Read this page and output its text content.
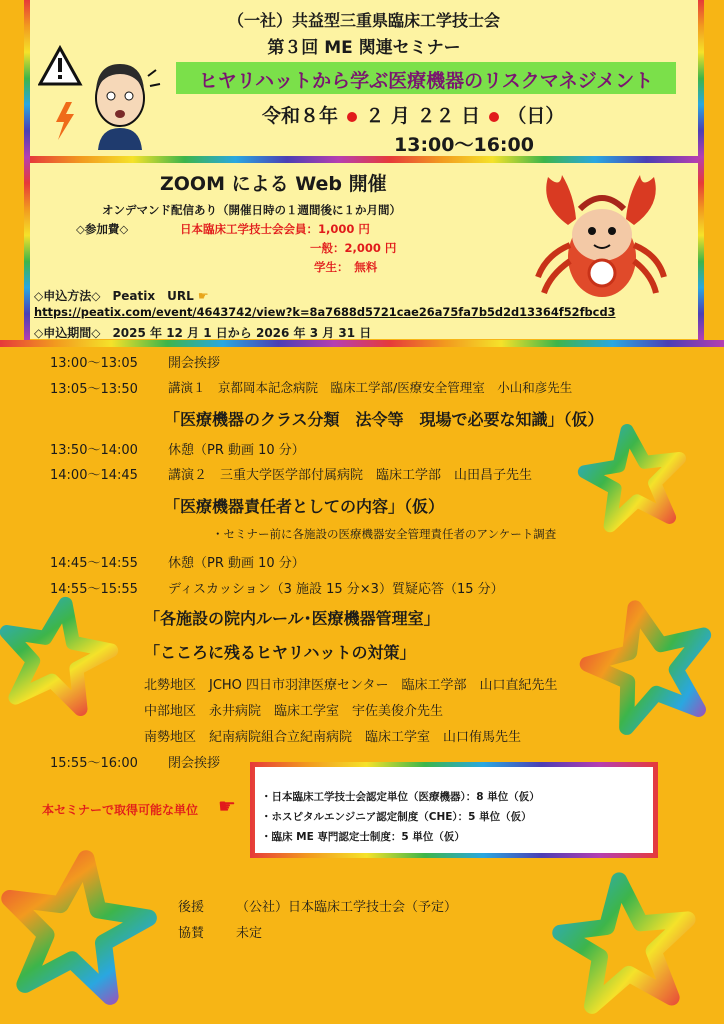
（一社）共益型三重県臨床工学技士会
第３回 ME 関連セミナー
ヒヤリハットから学ぶ医療機器のリスクマネジメント
令和８年 ２ 月 ２２ 日 （日）
13:00〜16:00
ZOOM による Web 開催
オンデマンド配信あり（開催日時の１週間後に１か月間）
◇参加費◇	日本臨床工学技士会会員：1,000 円
一般：2,000 円
学生：　無料
◇申込方法◇　Peatix　URL ☛
https://peatix.com/event/4643742/view?k=8a7688d5721cae26a75fa7b5d2d13364f52fbcd3
◇申込期間◇　2025 年 12 月 1 日から 2026 年 3 月 31 日
13:00〜13:05 開会挨拶
13:05〜13:50 講演１　京都岡本記念病院　臨床工学部/医療安全管理室　小山和彦先生
「医療機器のクラス分類　法令等　現場で必要な知識」（仮）
13:50〜14:00 休憩（PR 動画 10 分）
14:00〜14:45 講演２　三重大学医学部付属病院　臨床工学部　山田昌子先生
「医療機器責任者としての内容」（仮）
・セミナー前に各施設の医療機器安全管理責任者のアンケート調査
14:45〜14:55 休憩（PR 動画 10 分）
14:55〜15:55 ディスカッション（3 施設 15 分×3）質疑応答（15 分）
「各施設の院内ルール･医療機器管理室」
「こころに残るヒヤリハットの対策」
北勢地区　JCHO 四日市羽津医療センター　臨床工学部　山口直紀先生
中部地区　永井病院　臨床工学室　宇佐美俊介先生
南勢地区　紀南病院組合立紀南病院　臨床工学室　山口侑馬先生
15:55〜16:00 閉会挨拶
本セミナーで取得可能な単位 ☛ ・日本臨床工学技士会認定単位（医療機器）：8 単位（仮）
・ホスピタルエンジニア認定制度（CHE）：5 単位（仮）
・臨床 ME 専門認定士制度：5 単位（仮）
後援 （公社）日本臨床工学技士会（予定）
協賛 未定
